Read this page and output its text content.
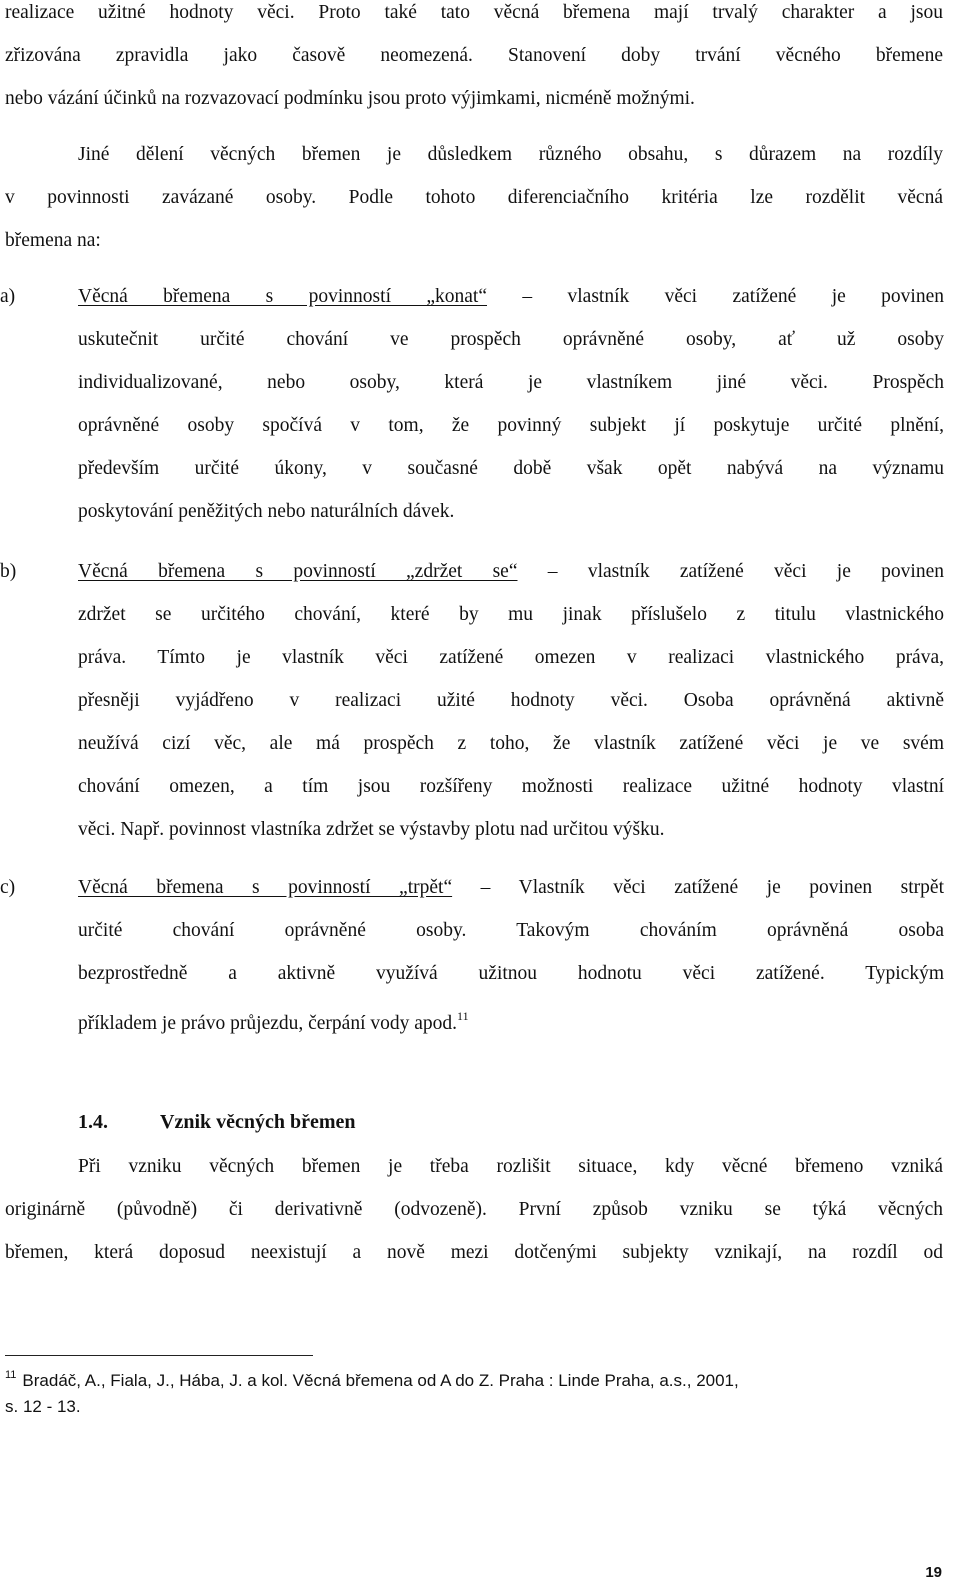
realizace užitné hodnoty věci. Proto také tato věcná břemena mají trvalý charakter a jsou
zřizována zpravidla jako časově neomezená. Stanovení doby trvání věcného břemene
nebo vázání účinků na rozvazovací podmínku jsou proto výjimkami, nicméně možnými.
Jiné dělení věcných břemen je důsledkem různého obsahu, s důrazem na rozdíly
v povinnosti zavázané osoby. Podle tohoto diferenciačního kritéria lze rozdělit věcná
břemena na:
a)	Věcná břemena s povinností „konat“ – vlastník věci zatížené je povinen
uskutečnit určité chování ve prospěch oprávněné osoby, ať už osoby
individualizované, nebo osoby, která je vlastníkem jiné věci. Prospěch
oprávněné osoby spočívá v tom, že povinný subjekt jí poskytuje určité plnění,
především určité úkony, v současné době však opět nabývá na významu
poskytování peněžitých nebo naturálních dávek.
b)	Věcná břemena s povinností „zdržet se“ – vlastník zatížené věci je povinen
zdržet se určitého chování, které by mu jinak příslušelo z titulu vlastnického
práva. Tímto je vlastník věci zatížené omezen v realizaci vlastnického práva,
přesněji vyjádřeno v realizaci užité hodnoty věci. Osoba oprávněná aktivně
neužívá cizí věc, ale má prospěch z toho, že vlastník zatížené věci je ve svém
chování omezen, a tím jsou rozšířeny možnosti realizace užitné hodnoty vlastní
věci. Např. povinnost vlastníka zdržet se výstavby plotu nad určitou výšku.
c)	Věcná břemena s povinností „trpět“ – Vlastník věci zatížené je povinen strpět
určité chování oprávněné osoby. Takovým chováním oprávněná osoba
bezprostředně a aktivně využívá užitnou hodnotu věci zatížené. Typickým
příkladem je právo průjezdu, čerpání vody apod.$^{11}$
1.4.	Vznik věcných břemen
Při vzniku věcných břemen je třeba rozlišit situace, kdy věcné břemeno vzniká
originárně (původně) či derivativně (odvozeně). První způsob vzniku se týká věcných
břemen, která doposud neexistují a nově mezi dotčenými subjekty vznikají, na rozdíl od
$^{11}$ Bradáč, A., Fiala, J., Hába, J. a kol. Věcná břemena od A do Z. Praha : Linde Praha, a.s., 2001,
s. 12 - 13.
19
